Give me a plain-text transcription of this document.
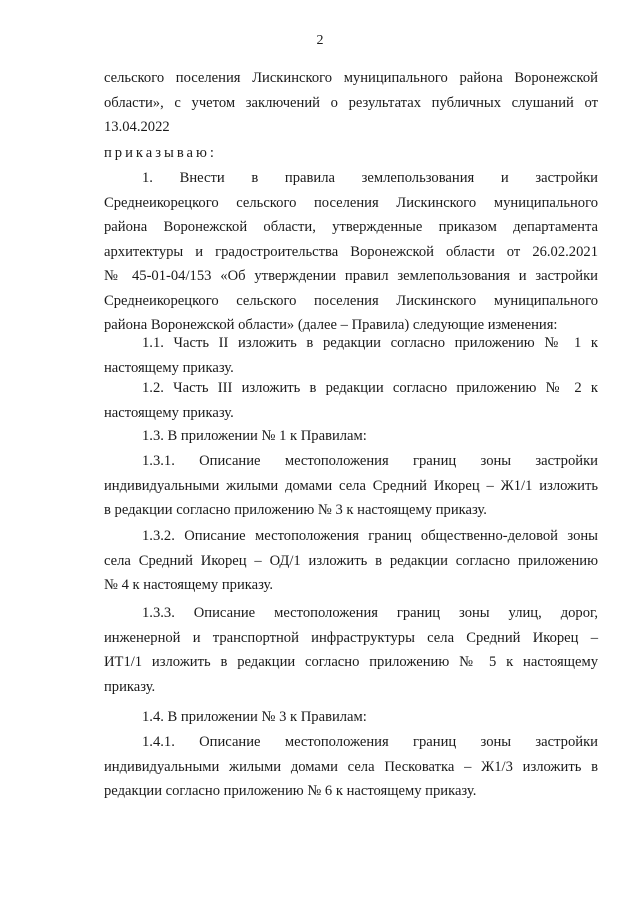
2

сельского поселения Лискинского муниципального района Воронежской

области», с учетом заключений о результатах публичных слушаний от

13.04.2022

приказываю:

1. Внести в правила землепользования и застройки

Среднеикорецкого сельского поселения Лискинского муниципального

района Воронежской области, утвержденные приказом департамента

архитектуры и градостроительства Воронежской области от 26.02.2021

№ 45-01-04/153 «Об утверждении правил землепользования и застройки

Среднеикорецкого сельского поселения Лискинского муниципального

района Воронежской области» (далее – Правила) следующие изменения:

1.1. Часть II изложить в редакции согласно приложению № 1 к

настоящему приказу.

1.2. Часть III изложить в редакции согласно приложению № 2 к

настоящему приказу.

1.3. В приложении № 1 к Правилам:

1.3.1. Описание местоположения границ зоны застройки

индивидуальными жилыми домами села Средний Икорец – Ж1/1 изложить

в редакции согласно приложению № 3 к настоящему приказу.

1.3.2. Описание местоположения границ общественно-деловой зоны

села Средний Икорец – ОД/1 изложить в редакции согласно приложению

№ 4 к настоящему приказу.

1.3.3. Описание местоположения границ зоны улиц, дорог,

инженерной и транспортной инфраструктуры села Средний Икорец –

ИТ1/1 изложить в редакции согласно приложению № 5 к настоящему

приказу.

1.4. В приложении № 3 к Правилам:

1.4.1. Описание местоположения границ зоны застройки

индивидуальными жилыми домами села Песковатка – Ж1/3 изложить в

редакции согласно приложению № 6 к настоящему приказу.
